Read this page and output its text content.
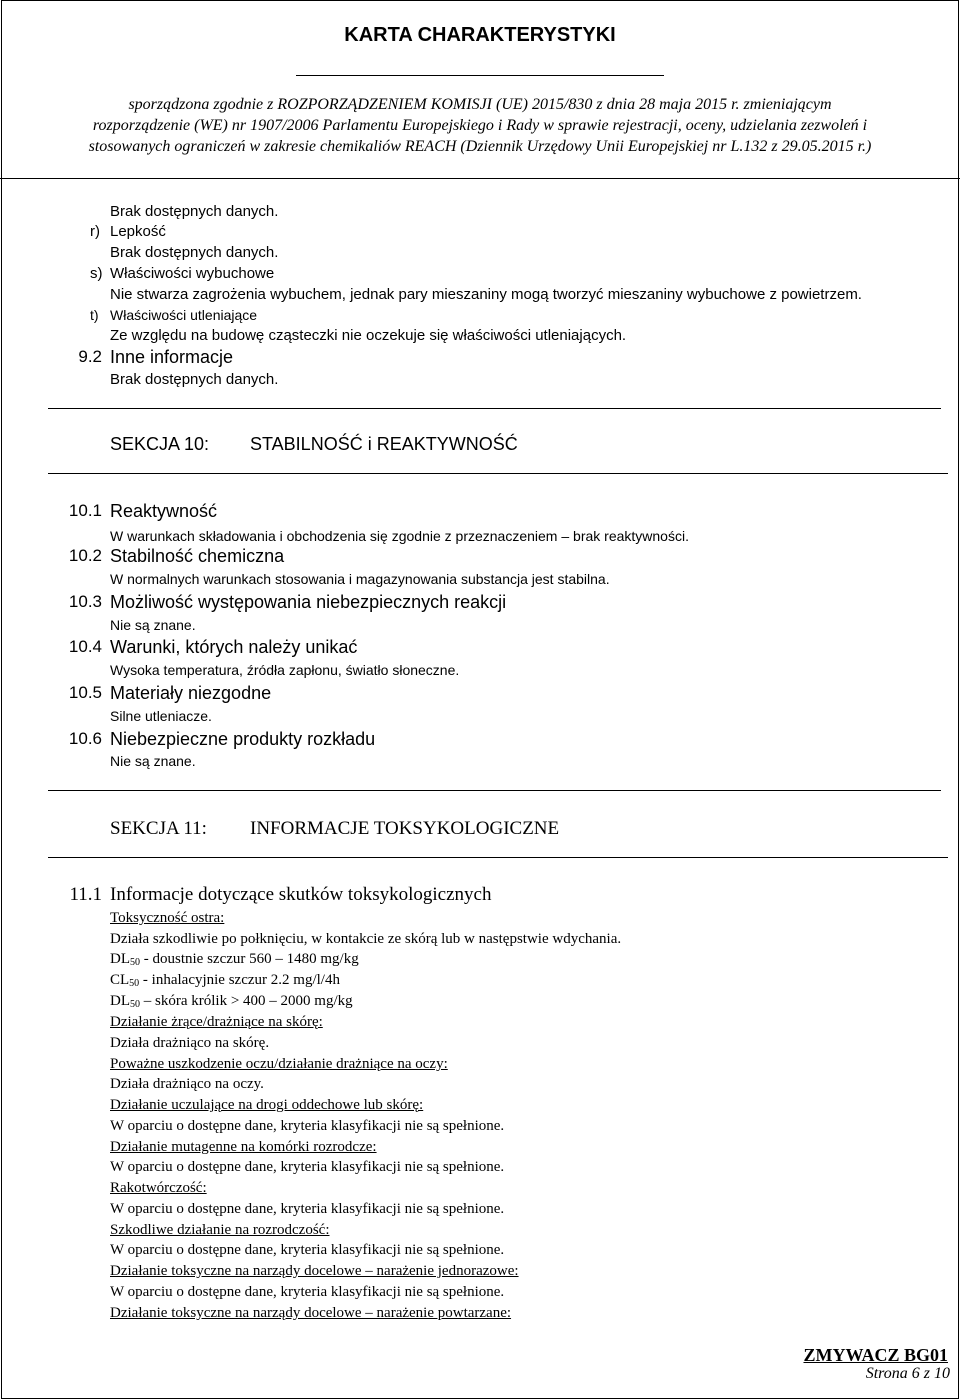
KARTA CHARAKTERYSTYKI
sporządzona zgodnie z ROZPORZĄDZENIEM KOMISJI (UE) 2015/830 z dnia 28 maja 2015 r. zmieniającym
rozporządzenie (WE) nr 1907/2006 Parlamentu Europejskiego i Rady w sprawie rejestracji, oceny, udzielania zezwoleń i
stosowanych ograniczeń w zakresie chemikaliów REACH (Dziennik Urzędowy Unii Europejskiej nr L.132 z 29.05.2015 r.)
Brak dostępnych danych.
r) Lepkość
Brak dostępnych danych.
s) Właściwości wybuchowe
Nie stwarza zagrożenia wybuchem, jednak pary mieszaniny mogą tworzyć mieszaniny wybuchowe z powietrzem.
t) Właściwości utleniające
Ze względu na budowę cząsteczki nie oczekuje się właściwości utleniających.
9.2 Inne informacje
Brak dostępnych danych.
SEKCJA 10: STABILNOŚĆ i REAKTYWNOŚĆ
10.1 Reaktywność
W warunkach składowania i obchodzenia się zgodnie z przeznaczeniem – brak reaktywności.
10.2 Stabilność chemiczna
W normalnych warunkach stosowania i magazynowania substancja jest stabilna.
10.3 Możliwość występowania niebezpiecznych reakcji
Nie są znane.
10.4 Warunki, których należy unikać
Wysoka temperatura, źródła zapłonu, światło słoneczne.
10.5 Materiały niezgodne
Silne utleniacze.
10.6 Niebezpieczne produkty rozkładu
Nie są znane.
SEKCJA 11: INFORMACJE TOKSYKOLOGICZNE
11.1 Informacje dotyczące skutków toksykologicznych
Toksyczność ostra:
Działa szkodliwie po połknięciu, w kontakcie ze skórą lub w następstwie wdychania.
$DL_{50}$ - doustnie szczur 560 – 1480 mg/kg
$CL_{50}$ - inhalacyjnie szczur 2.2 mg/l/4h
$DL_{50}$ – skóra królik > 400 – 2000 mg/kg
Działanie żrące/drażniące na skórę:
Działa drażniąco na skórę.
Poważne uszkodzenie oczu/działanie drażniące na oczy:
Działa drażniąco na oczy.
Działanie uczulające na drogi oddechowe lub skórę:
W oparciu o dostępne dane, kryteria klasyfikacji nie są spełnione.
Działanie mutagenne na komórki rozrodcze:
W oparciu o dostępne dane, kryteria klasyfikacji nie są spełnione.
Rakotwórczość:
W oparciu o dostępne dane, kryteria klasyfikacji nie są spełnione.
Szkodliwe działanie na rozrodczość:
W oparciu o dostępne dane, kryteria klasyfikacji nie są spełnione.
Działanie toksyczne na narządy docelowe – narażenie jednorazowe:
W oparciu o dostępne dane, kryteria klasyfikacji nie są spełnione.
Działanie toksyczne na narządy docelowe – narażenie powtarzane:
ZMYWACZ BG01
Strona 6 z 10
